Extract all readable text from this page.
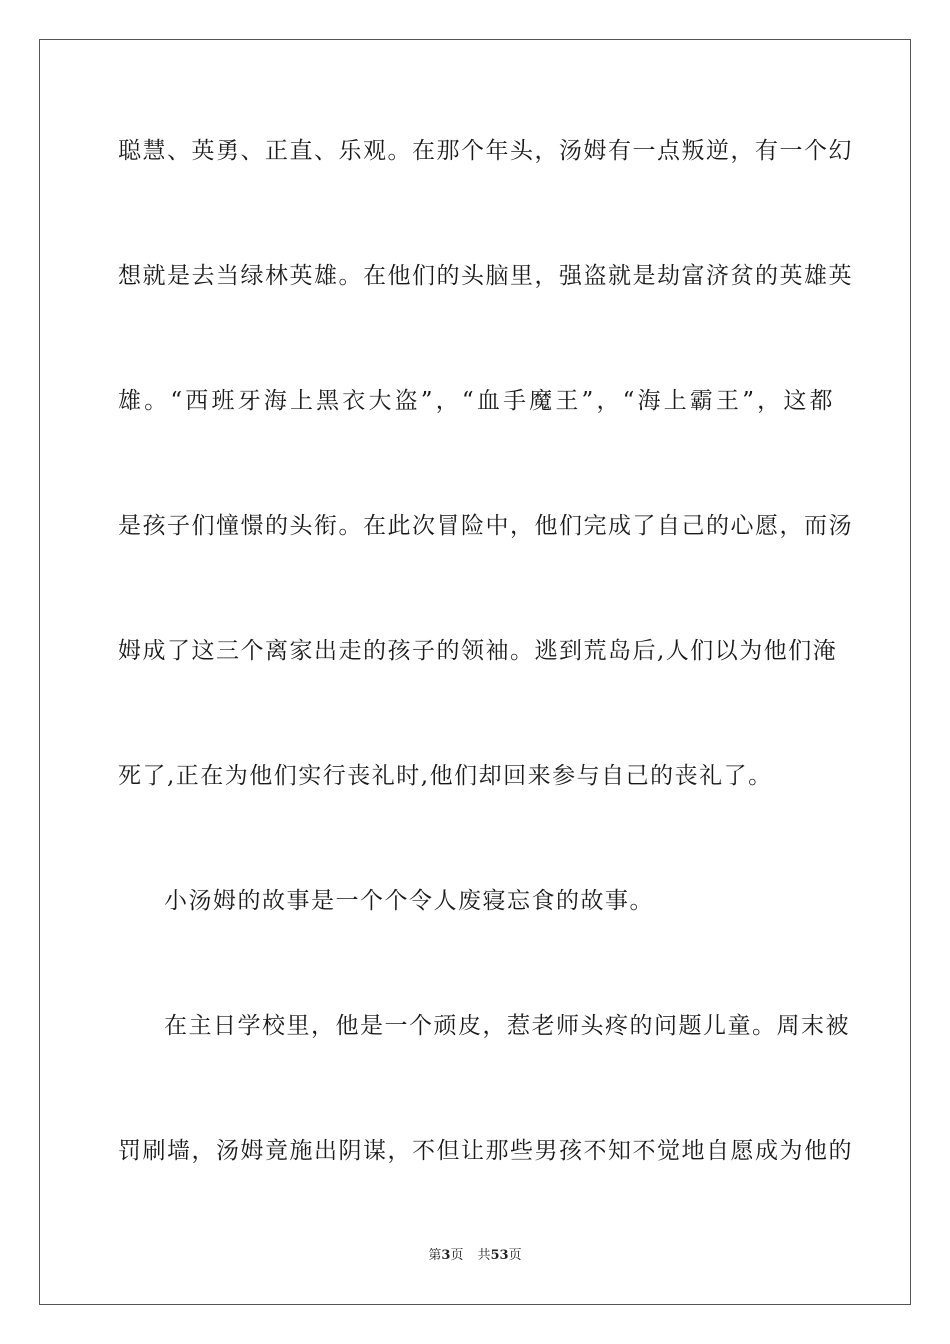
聪慧、英勇、正直、乐观。在那个年头，汤姆有一点叛逆，有一个幻
想就是去当绿林英雄。在他们的头脑里，强盗就是劫富济贫的英雄英
雄。“西班牙海上黑衣大盗”，“血手魔王”，“海上霸王”，这都
是孩子们憧憬的头衔。在此次冒险中，他们完成了自己的心愿，而汤
姆成了这三个离家出走的孩子的领袖。逃到荒岛后,人们以为他们淹
死了,正在为他们实行丧礼时,他们却回来参与自己的丧礼了。
小汤姆的故事是一个个令人废寝忘食的故事。
在主日学校里，他是一个顽皮，惹老师头疼的问题儿童。周末被
罚刷墙，汤姆竟施出阴谋，不但让那些男孩不知不觉地自愿成为他的
第3页 共53页
